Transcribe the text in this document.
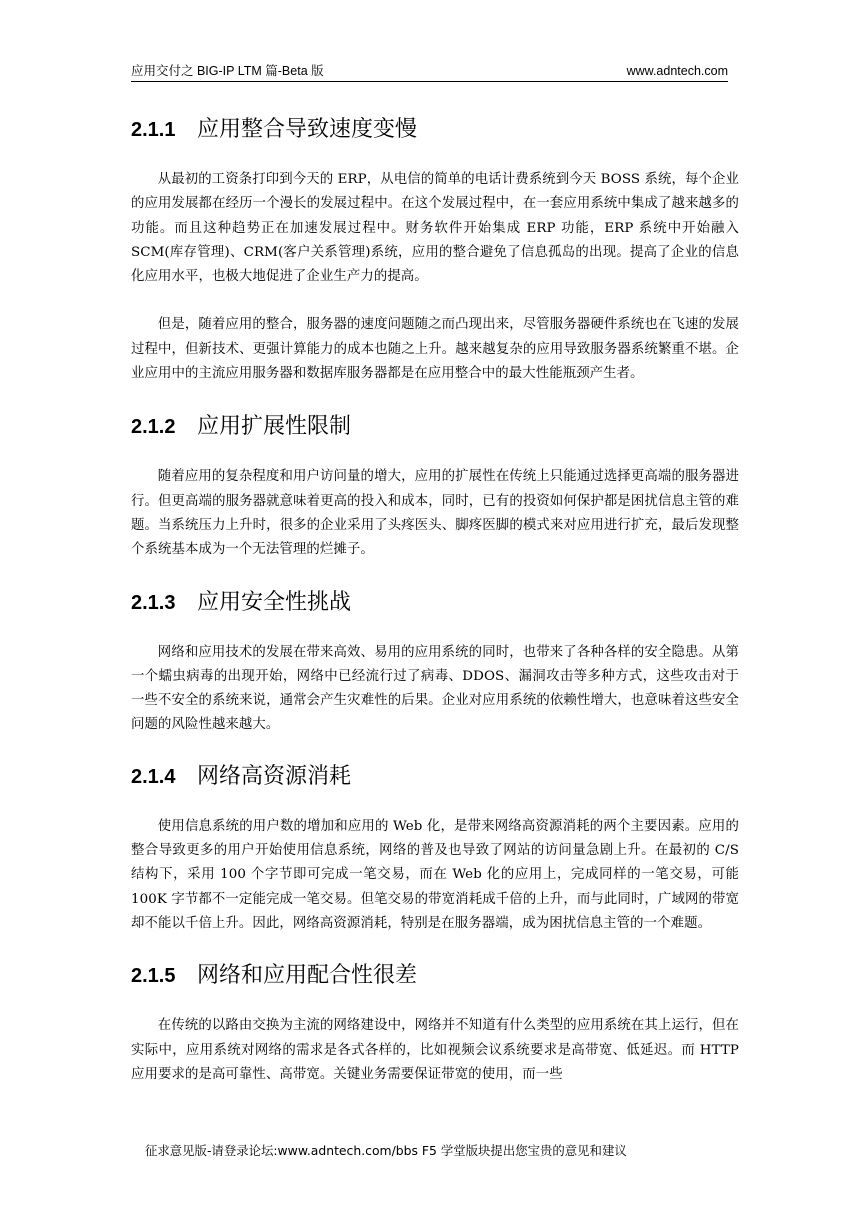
应用交付之 BIG-IP LTM 篇-Beta 版	www.adntech.com
2.1.1 应用整合导致速度变慢

从最初的工资条打印到今天的 ERP，从电信的简单的电话计费系统到今天 BOSS 系统，每个企业的应用发展都在经历一个漫长的发展过程中。在这个发展过程中，在一套应用系统中集成了越来越多的功能。而且这种趋势正在加速发展过程中。财务软件开始集成 ERP 功能，ERP 系统中开始融入 SCM(库存管理)、CRM(客户关系管理)系统，应用的整合避免了信息孤岛的出现。提高了企业的信息化应用水平，也极大地促进了企业生产力的提高。

但是，随着应用的整合，服务器的速度问题随之而凸现出来，尽管服务器硬件系统也在飞速的发展过程中，但新技术、更强计算能力的成本也随之上升。越来越复杂的应用导致服务器系统繁重不堪。企业应用中的主流应用服务器和数据库服务器都是在应用整合中的最大性能瓶颈产生者。

2.1.2 应用扩展性限制

随着应用的复杂程度和用户访问量的增大，应用的扩展性在传统上只能通过选择更高端的服务器进行。但更高端的服务器就意味着更高的投入和成本，同时，已有的投资如何保护都是困扰信息主管的难题。当系统压力上升时，很多的企业采用了头疼医头、脚疼医脚的模式来对应用进行扩充，最后发现整个系统基本成为一个无法管理的烂摊子。

2.1.3 应用安全性挑战

网络和应用技术的发展在带来高效、易用的应用系统的同时，也带来了各种各样的安全隐患。从第一个蠕虫病毒的出现开始，网络中已经流行过了病毒、DDOS、漏洞攻击等多种方式，这些攻击对于一些不安全的系统来说，通常会产生灾难性的后果。企业对应用系统的依赖性增大，也意味着这些安全问题的风险性越来越大。

2.1.4 网络高资源消耗

使用信息系统的用户数的增加和应用的 Web 化，是带来网络高资源消耗的两个主要因素。应用的整合导致更多的用户开始使用信息系统，网络的普及也导致了网站的访问量急剧上升。在最初的 C/S 结构下，采用 100 个字节即可完成一笔交易，而在 Web 化的应用上，完成同样的一笔交易，可能 100K 字节都不一定能完成一笔交易。但笔交易的带宽消耗成千倍的上升，而与此同时，广域网的带宽却不能以千倍上升。因此，网络高资源消耗，特别是在服务器端，成为困扰信息主管的一个难题。

2.1.5 网络和应用配合性很差

在传统的以路由交换为主流的网络建设中，网络并不知道有什么类型的应用系统在其上运行，但在实际中，应用系统对网络的需求是各式各样的，比如视频会议系统要求是高带宽、低延迟。而 HTTP 应用要求的是高可靠性、高带宽。关键业务需要保证带宽的使用，而一些

征求意见版-请登录论坛:www.adntech.com/bbs F5 学堂版块提出您宝贵的意见和建议
